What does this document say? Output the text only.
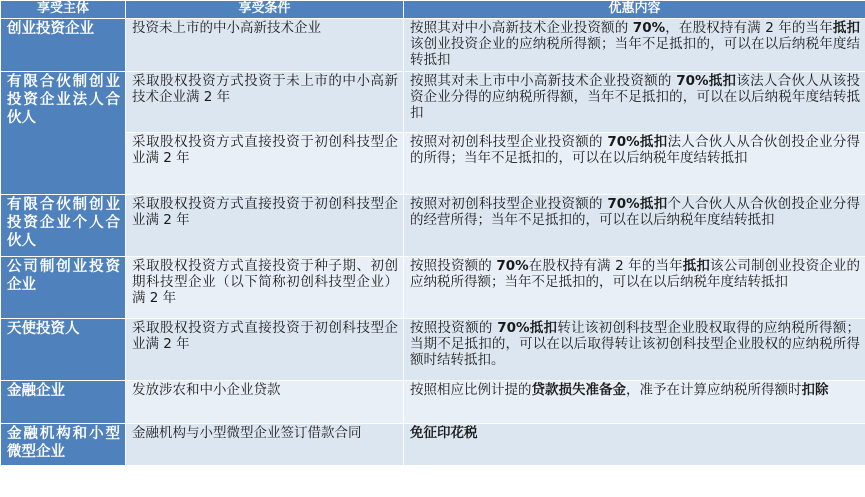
享受主体	享受条件	优惠内容
创业投资企业	投资未上市的中小高新技术企业	按照其对中小高新技术企业投资额的 70%，在股权持有满 2 年的当年抵扣该创业投资企业的应纳税所得额；当年不足抵扣的，可以在以后纳税年度结转抵扣
有限合伙制创业投资企业法人合伙人	采取股权投资方式投资于未上市的中小高新技术企业满 2 年	按照其对未上市中小高新技术企业投资额的 70%抵扣该法人合伙人从该投资企业分得的应纳税所得额，当年不足抵扣的，可以在以后纳税年度结转抵扣
	采取股权投资方式直接投资于初创科技型企业满 2 年	按照对初创科技型企业投资额的 70%抵扣法人合伙人从合伙创投企业分得的所得；当年不足抵扣的，可以在以后纳税年度结转抵扣
有限合伙制创业投资企业个人合伙人	采取股权投资方式直接投资于初创科技型企业满 2 年	按照对初创科技型企业投资额的 70%抵扣个人合伙人从合伙创投企业分得的经营所得；当年不足抵扣的，可以在以后纳税年度结转抵扣
公司制创业投资企业	采取股权投资方式直接投资于种子期、初创期科技型企业（以下简称初创科技型企业）满 2 年	按照投资额的 70%在股权持有满 2 年的当年抵扣该公司制创业投资企业的应纳税所得额；当年不足抵扣的，可以在以后纳税年度结转抵扣
天使投资人	采取股权投资方式直接投资于初创科技型企业满 2 年	按照投资额的 70%抵扣转让该初创科技型企业股权取得的应纳税所得额；当期不足抵扣的，可以在以后取得转让该初创科技型企业股权的应纳税所得额时结转抵扣。
金融企业	发放涉农和中小企业贷款	按照相应比例计提的贷款损失准备金，准予在计算应纳税所得额时扣除
金融机构和小型微型企业	金融机构与小型微型企业签订借款合同	免征印花税
